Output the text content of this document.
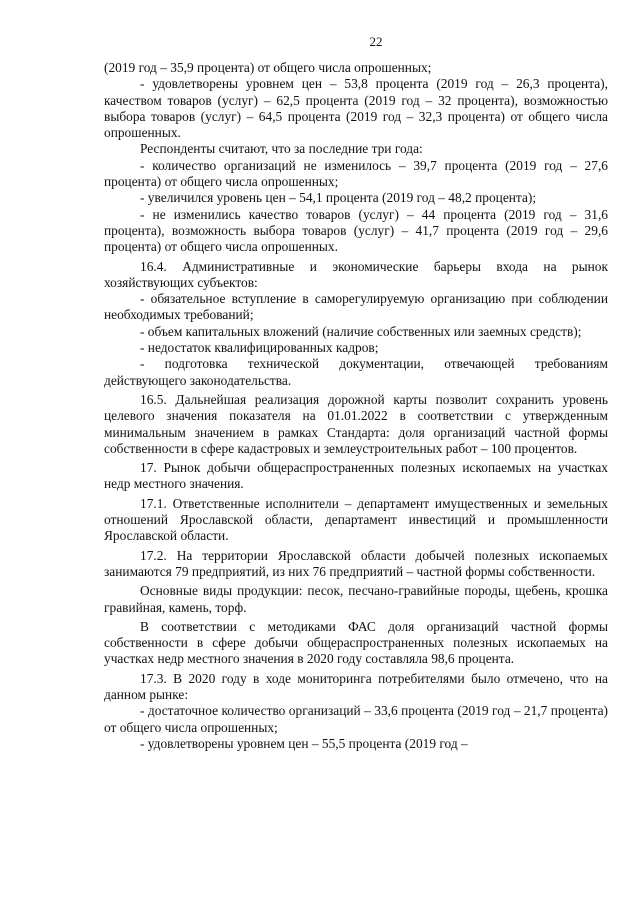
22

(2019 год – 35,9 процента) от общего числа опрошенных;

- удовлетворены уровнем цен – 53,8 процента (2019 год – 26,3 процента), качеством товаров (услуг) – 62,5 процента (2019 год – 32 процента), возможностью выбора товаров (услуг) – 64,5 процента (2019 год – 32,3 процента) от общего числа опрошенных.

Респонденты считают, что за последние три года:

- количество организаций не изменилось – 39,7 процента (2019 год – 27,6 процента) от общего числа опрошенных;

- увеличился уровень цен – 54,1 процента (2019 год – 48,2 процента);

- не изменились качество товаров (услуг) – 44 процента (2019 год – 31,6 процента), возможность выбора товаров (услуг) – 41,7 процента (2019 год – 29,6 процента) от общего числа опрошенных.

16.4. Административные и экономические барьеры входа на рынок хозяйствующих субъектов:

- обязательное вступление в саморегулируемую организацию при соблюдении необходимых требований;

- объем капитальных вложений (наличие собственных или заемных средств);

- недостаток квалифицированных кадров;

- подготовка технической документации, отвечающей требованиям действующего законодательства.

16.5. Дальнейшая реализация дорожной карты позволит сохранить уровень целевого значения показателя на 01.01.2022 в соответствии с утвержденным минимальным значением в рамках Стандарта: доля организаций частной формы собственности в сфере кадастровых и землеустроительных работ – 100 процентов.

17. Рынок добычи общераспространенных полезных ископаемых на участках недр местного значения.

17.1. Ответственные исполнители – департамент имущественных и земельных отношений Ярославской области, департамент инвестиций и промышленности Ярославской области.

17.2. На территории Ярославской области добычей полезных ископаемых занимаются 79 предприятий, из них 76 предприятий – частной формы собственности.

Основные виды продукции: песок, песчано-гравийные породы, щебень, крошка гравийная, камень, торф.

В соответствии с методиками ФАС доля организаций частной формы собственности в сфере добычи общераспространенных полезных ископаемых на участках недр местного значения в 2020 году составляла 98,6 процента.

17.3. В 2020 году в ходе мониторинга потребителями было отмечено, что на данном рынке:

- достаточное количество организаций – 33,6 процента (2019 год – 21,7 процента) от общего числа опрошенных;

- удовлетворены уровнем цен – 55,5 процента (2019 год –
